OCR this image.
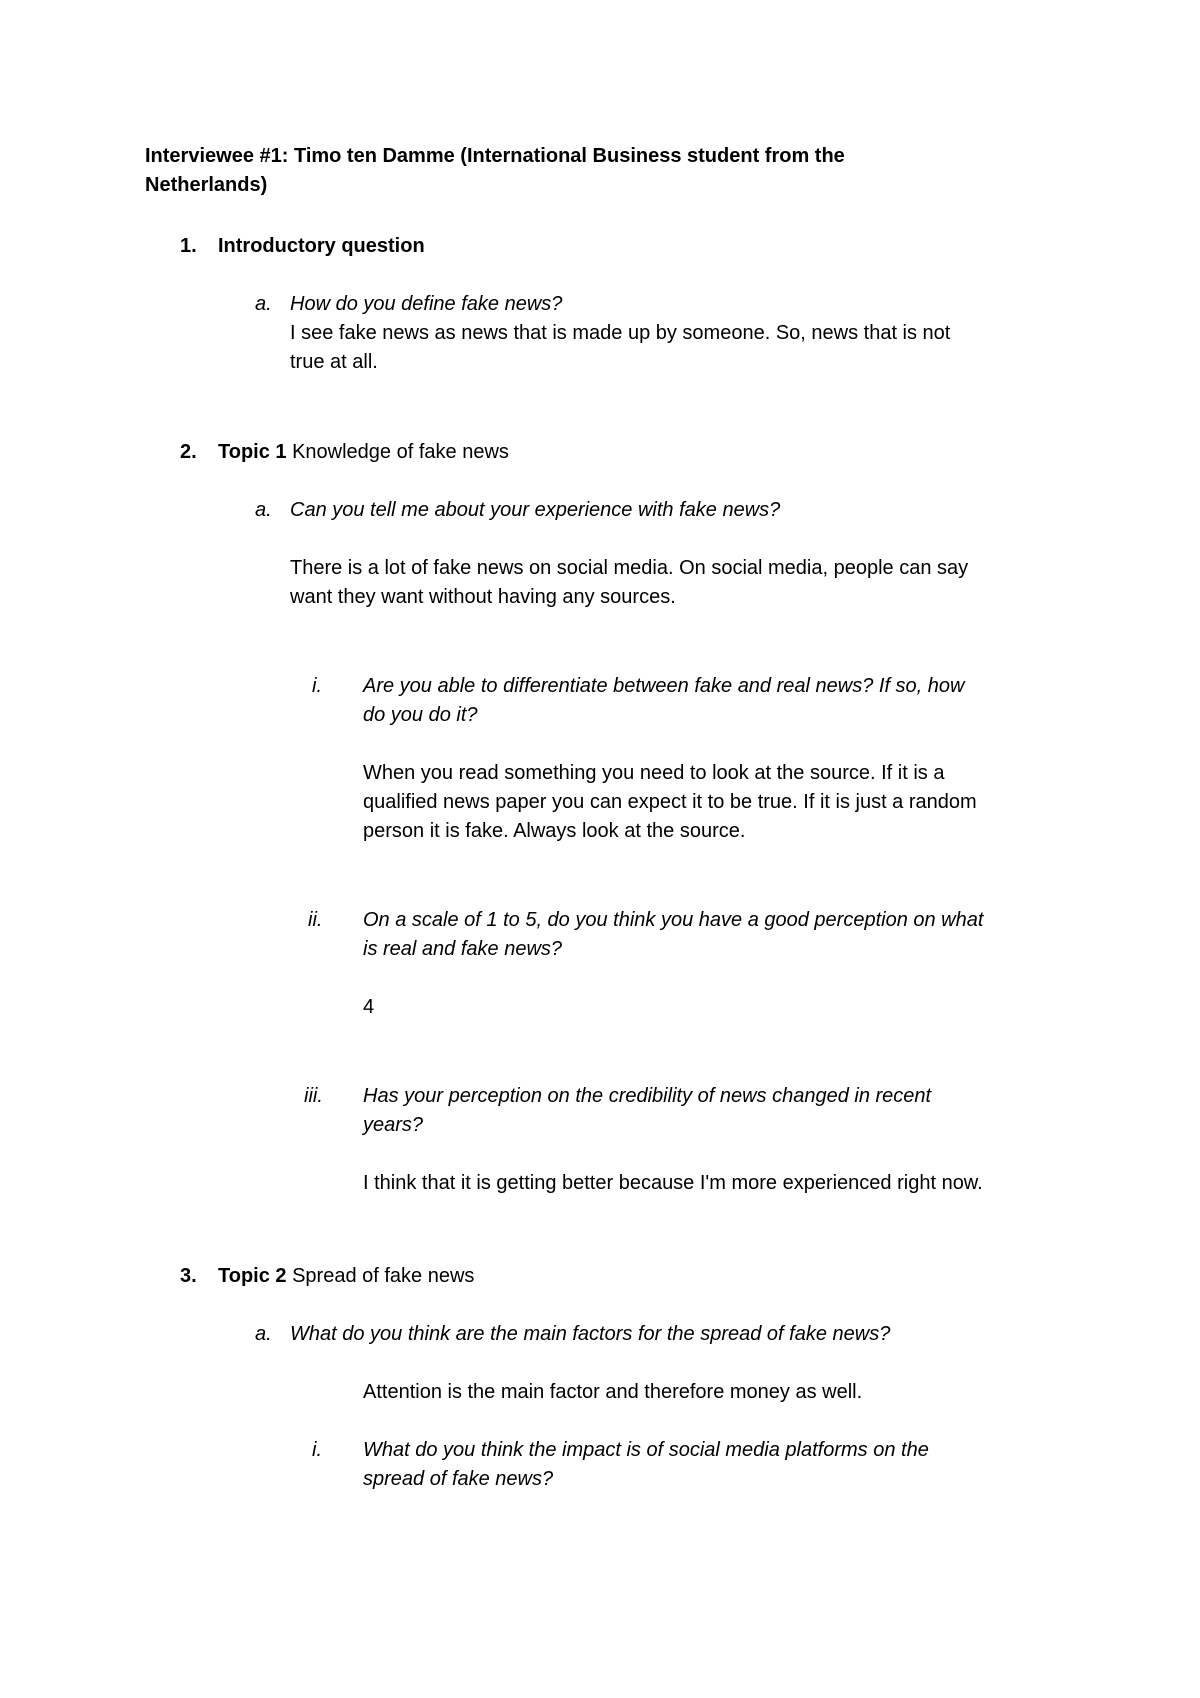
Interviewee #1: Timo ten Damme (International Business student from the
Netherlands)
1. Introductory question
a. How do you define fake news?
I see fake news as news that is made up by someone. So, news that is not
true at all.
2. Topic 1 Knowledge of fake news
a. Can you tell me about your experience with fake news?
There is a lot of fake news on social media. On social media, people can say
want they want without having any sources.
i. Are you able to differentiate between fake and real news? If so, how
do you do it?
When you read something you need to look at the source. If it is a
qualified news paper you can expect it to be true. If it is just a random
person it is fake. Always look at the source.
ii. On a scale of 1 to 5, do you think you have a good perception on what
is real and fake news?
4
iii. Has your perception on the credibility of news changed in recent
years?
I think that it is getting better because I'm more experienced right now.
3. Topic 2 Spread of fake news
a. What do you think are the main factors for the spread of fake news?
Attention is the main factor and therefore money as well.
i. What do you think the impact is of social media platforms on the
spread of fake news?
